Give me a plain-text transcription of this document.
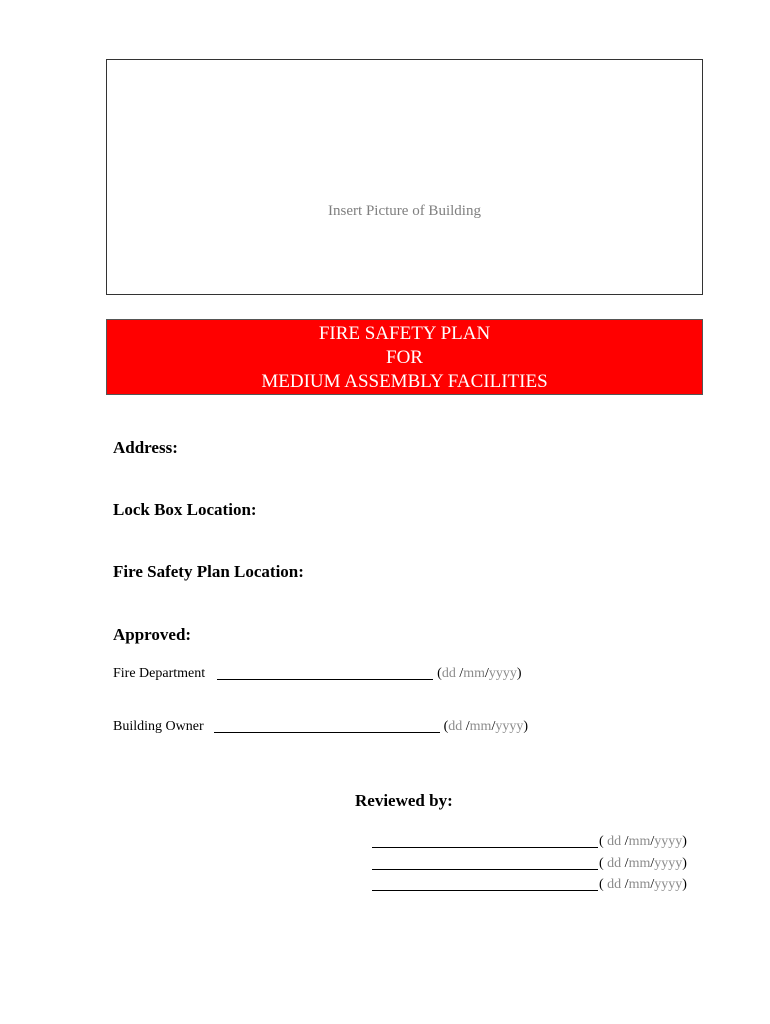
Insert Picture of Building
FIRE SAFETY PLAN
FOR
MEDIUM ASSEMBLY FACILITIES
Address:
Lock Box Location:
Fire Safety Plan Location:
Approved:
Fire Department	(dd /mm/yyyy)
Building Owner	(dd /mm/yyyy)
Reviewed by:
( dd /mm/yyyy)
( dd /mm/yyyy)
( dd /mm/yyyy)
